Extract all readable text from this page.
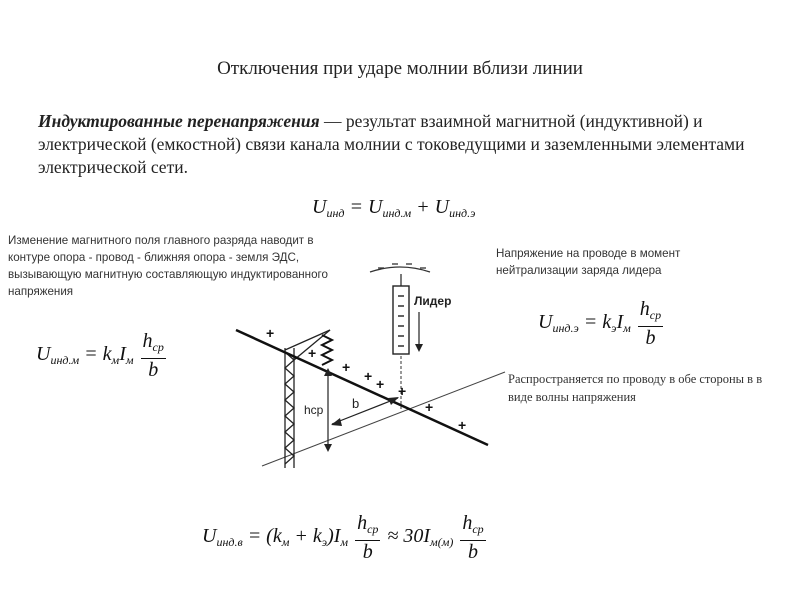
Отключения при ударе молнии вблизи линии
Индуктированные перенапряжения — результат взаимной магнитной (индуктивной) и электрической (емкостной) связи канала молнии с токоведущими и заземленными элементами электрической сети.
$U_{инд} = U_{инд.м} + U_{инд.э}$
Изменение магнитного поля главного разряда наводит в контуре опора - провод - ближняя опора - земля ЭДС, вызывающую магнитную составляющую индуктированного напряжения
$U_{инд.м} = k_мI_м \frac{h_{ср}}{b}$
Напряжение на проводе в момент нейтрализации заряда лидера
$U_{инд.э} = k_эI_м \frac{h_{ср}}{b}$
Распространяется по проводу в обе стороны в в виде волны напряжения
$U_{инд.в} = (k_м + k_э)I_м \frac{h_{ср}}{b} \approx 30I_{м(м)} \frac{h_{ср}}{b}$
Лидер
hср b
+
+
+
+ + +
+
+
